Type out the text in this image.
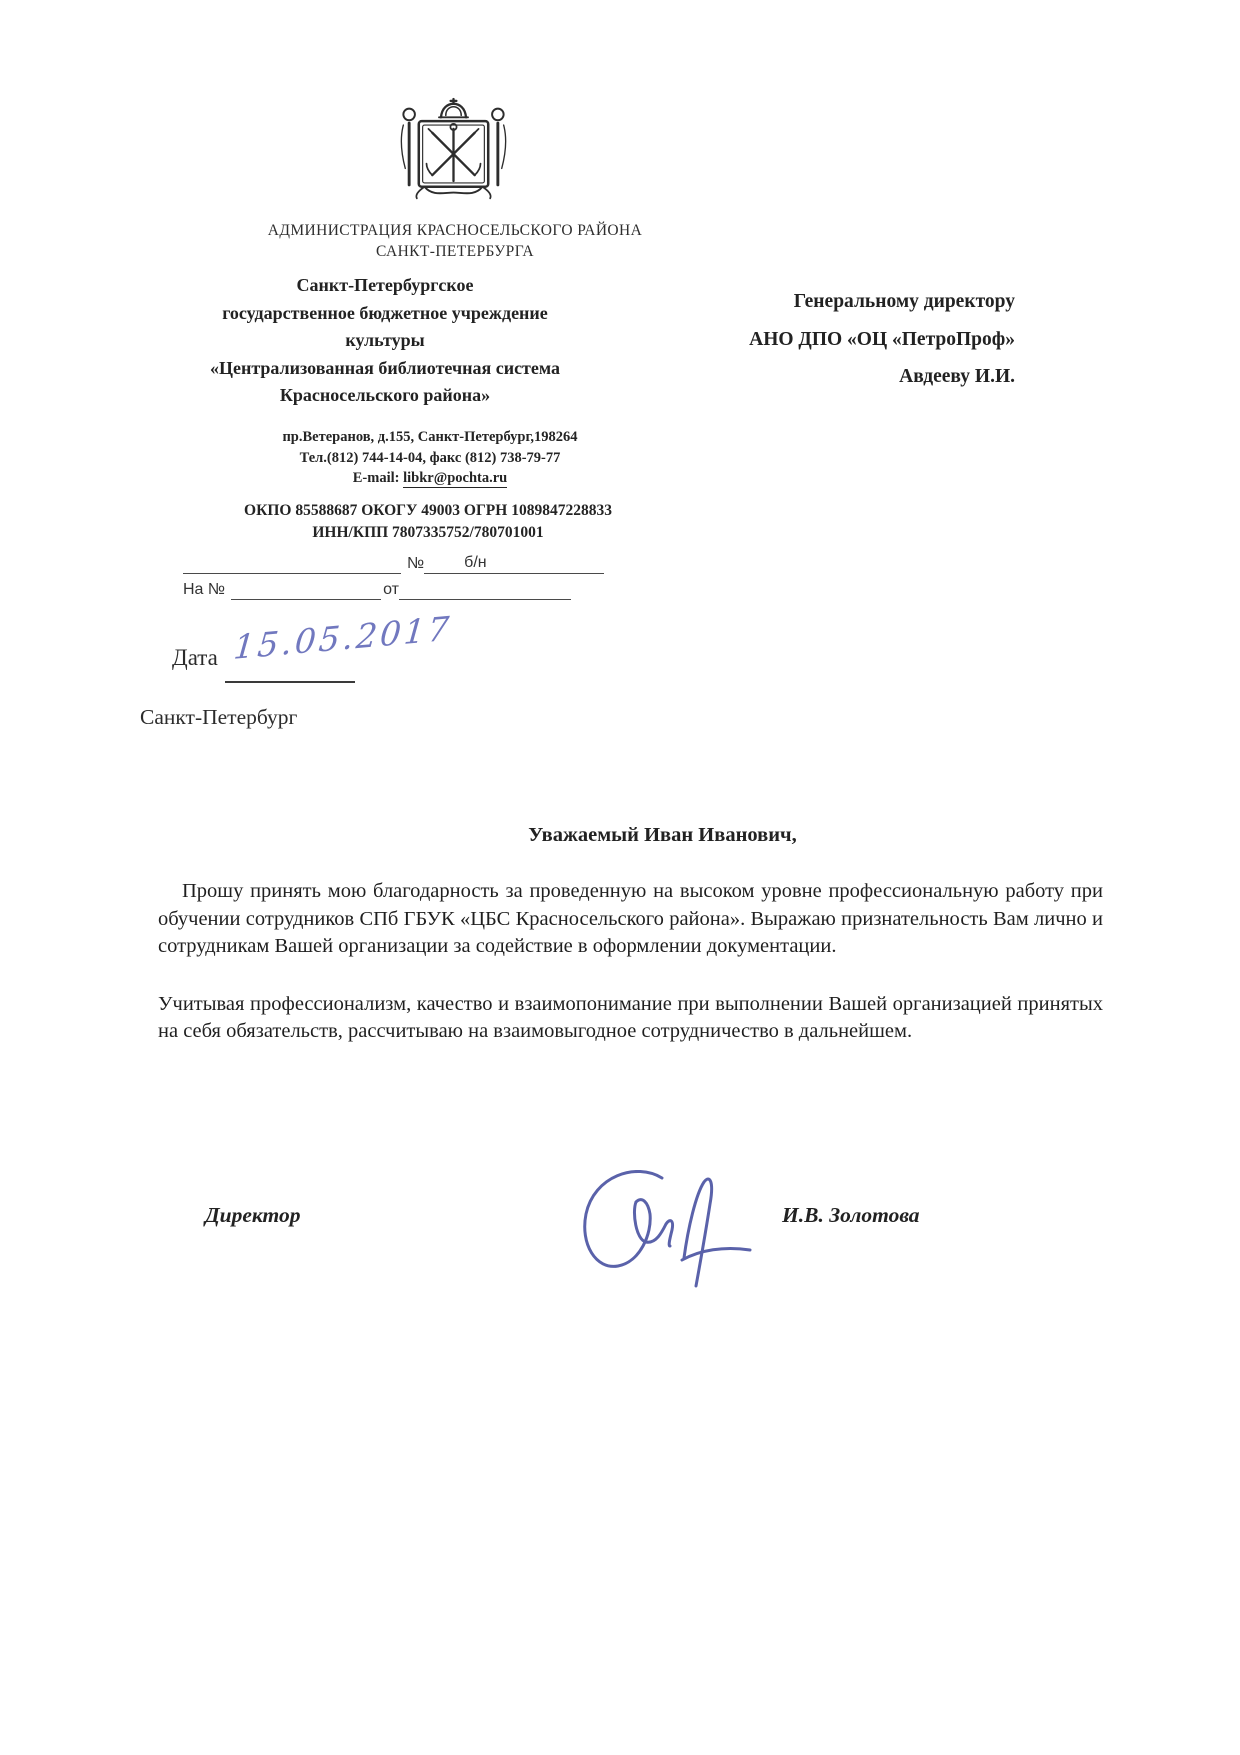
АДМИНИСТРАЦИЯ КРАСНОСЕЛЬСКОГО РАЙОНА
САНКТ-ПЕТЕРБУРГА
Санкт-Петербургское
государственное бюджетное учреждение
культуры
«Централизованная библиотечная система
Красносельского района»
Генеральному директору
АНО ДПО «ОЦ «ПетроПроф»
Авдееву И.И.
пр.Ветеранов, д.155, Санкт-Петербург,198264
Тел.(812) 744-14-04, факс (812) 738-79-77
E-mail: libkr@pochta.ru
ОКПО 85588687 ОКОГУ 49003 ОГРН 1089847228833
ИНН/КПП 7807335752/780701001
№	б/н
На №	от
Дата 15.05.2017
Санкт-Петербург
Уважаемый Иван Иванович,

Прошу принять мою благодарность за проведенную на высоком уровне профессиональную работу при обучении сотрудников СПб ГБУК «ЦБС Красносельского района». Выражаю признательность Вам лично и сотрудникам Вашей организации за содействие в оформлении документации.

Учитывая профессионализм, качество и взаимопонимание при выполнении Вашей организацией принятых на себя обязательств, рассчитываю на взаимовыгодное сотрудничество в дальнейшем.

Директор	И.В. Золотова
